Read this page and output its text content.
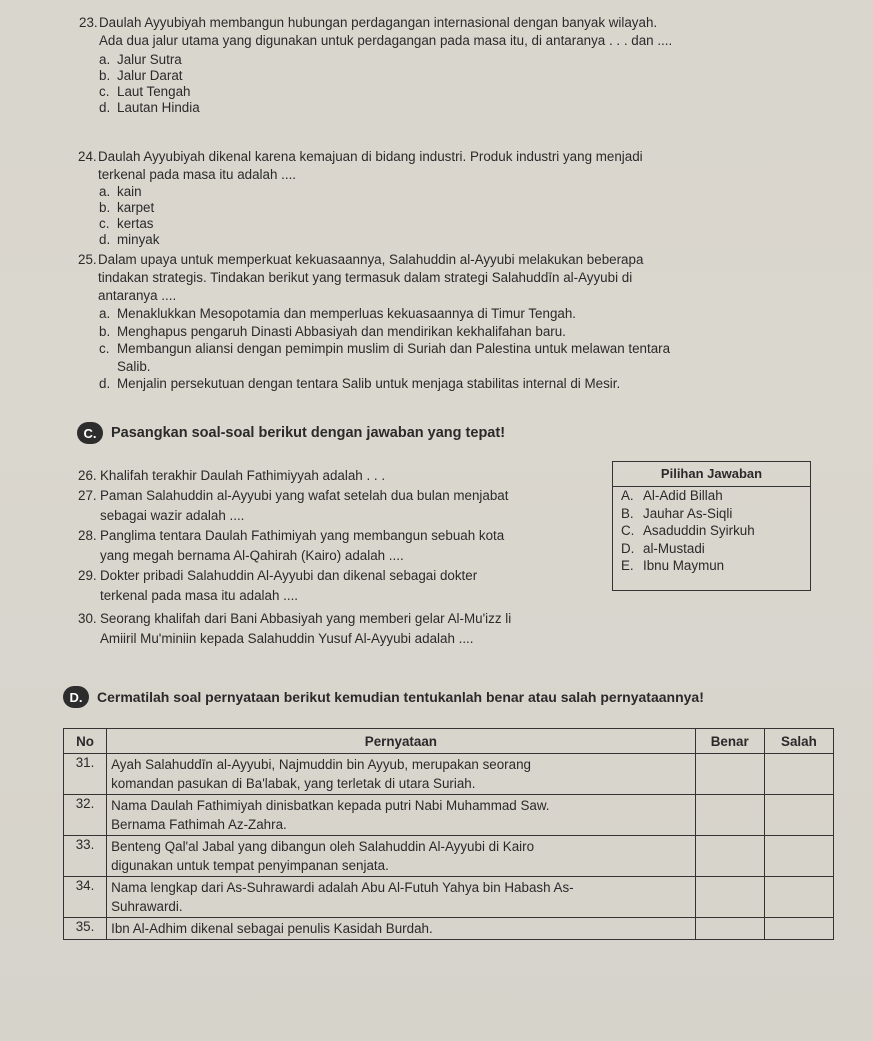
23. Daulah Ayyubiyah membangun hubungan perdagangan internasional dengan banyak wilayah.
Ada dua jalur utama yang digunakan untuk perdagangan pada masa itu, di antaranya . . . dan ....
a. Jalur Sutra
b. Jalur Darat
c. Laut Tengah
d. Lautan Hindia
24. Daulah Ayyubiyah dikenal karena kemajuan di bidang industri. Produk industri yang menjadi
terkenal pada masa itu adalah ....
a. kain
b. karpet
c. kertas
d. minyak
25. Dalam upaya untuk memperkuat kekuasaannya, Salahuddin al-Ayyubi melakukan beberapa
tindakan strategis. Tindakan berikut yang termasuk dalam strategi Salahuddīn al-Ayyubi di
antaranya ....
a. Menaklukkan Mesopotamia dan memperluas kekuasaannya di Timur Tengah.
b. Menghapus pengaruh Dinasti Abbasiyah dan mendirikan kekhalifahan baru.
c. Membangun aliansi dengan pemimpin muslim di Suriah dan Palestina untuk melawan tentara
Salib.
d. Menjalin persekutuan dengan tentara Salib untuk menjaga stabilitas internal di Mesir.
C.	Pasangkan soal-soal berikut dengan jawaban yang tepat!
26. Khalifah terakhir Daulah Fathimiyyah adalah . . .
27. Paman Salahuddin al-Ayyubi yang wafat setelah dua bulan menjabat
sebagai wazir adalah ....
28. Panglima tentara Daulah Fathimiyah yang membangun sebuah kota
yang megah bernama Al-Qahirah (Kairo) adalah ....
29. Dokter pribadi Salahuddin Al-Ayyubi dan dikenal sebagai dokter
terkenal pada masa itu adalah ....
30. Seorang khalifah dari Bani Abbasiyah yang memberi gelar Al-Mu'izz li
Amiiril Mu'miniin kepada Salahuddin Yusuf Al-Ayyubi adalah ....
Pilihan Jawaban
A. Al-Adid Billah
B. Jauhar As-Siqli
C. Asaduddin Syirkuh
D. al-Mustadi
E. Ibnu Maymun
D.	Cermatilah soal pernyataan berikut kemudian tentukanlah benar atau salah pernyataannya!
No	Pernyataan	Benar	Salah
31.	Ayah Salahuddīn al-Ayyubi, Najmuddin bin Ayyub, merupakan seorang
komandan pasukan di Ba'labak, yang terletak di utara Suriah.		

32.	Nama Daulah Fathimiyah dinisbatkan kepada putri Nabi Muhammad Saw.
Bernama Fathimah Az-Zahra.		

33.	Benteng Qal'al Jabal yang dibangun oleh Salahuddin Al-Ayyubi di Kairo
digunakan untuk tempat penyimpanan senjata.		

34.	Nama lengkap dari As-Suhrawardi adalah Abu Al-Futuh Yahya bin Habash As-
Suhrawardi.		

35.	Ibn Al-Adhim dikenal sebagai penulis Kasidah Burdah.		
